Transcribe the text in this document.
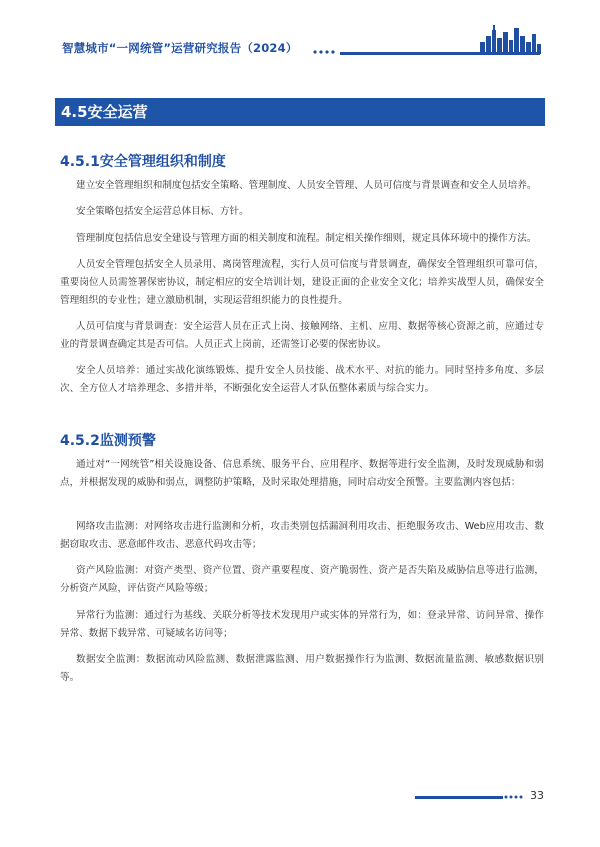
智慧城市“一网统管”运营研究报告（2024）
4.5安全运营
4.5.1安全管理组织和制度

建立安全管理组织和制度包括安全策略、管理制度、人员安全管理、人员可信度与背景调查和安全人员培养。

安全策略包括安全运营总体目标、方针。

管理制度包括信息安全建设与管理方面的相关制度和流程。制定相关操作细则，规定具体环境中的操作方法。

人员安全管理包括安全人员录用、离岗管理流程，实行人员可信度与背景调查，确保安全管理组织可靠可信，重要岗位人员需签署保密协议，制定相应的安全培训计划，建设正面的企业安全文化；培养实战型人员，确保安全管理组织的专业性；建立激励机制，实现运营组织能力的良性提升。

人员可信度与背景调查：安全运营人员在正式上岗、接触网络、主机、应用、数据等核心资源之前，应通过专业的背景调查确定其是否可信。人员正式上岗前，还需签订必要的保密协议。

安全人员培养：通过实战化演练锻炼、提升安全人员技能、战术水平、对抗的能力。同时坚持多角度、多层次、全方位人才培养理念、多措并举，不断强化安全运营人才队伍整体素质与综合实力。

4.5.2监测预警

通过对“一网统管”相关设施设备、信息系统、服务平台、应用程序、数据等进行安全监测，及时发现威胁和弱点，并根据发现的威胁和弱点，调整防护策略，及时采取处理措施，同时启动安全预警。主要监测内容包括：

网络攻击监测：对网络攻击进行监测和分析，攻击类别包括漏洞利用攻击、拒绝服务攻击、Web应用攻击、数据窃取攻击、恶意邮件攻击、恶意代码攻击等；

资产风险监测：对资产类型、资产位置、资产重要程度、资产脆弱性、资产是否失陷及威胁信息等进行监测，分析资产风险，评估资产风险等级；

异常行为监测：通过行为基线、关联分析等技术发现用户或实体的异常行为，如：登录异常、访问异常、操作异常、数据下载异常、可疑域名访问等；

数据安全监测：数据流动风险监测、数据泄露监测、用户数据操作行为监测、数据流量监测、敏感数据识别等。

33
